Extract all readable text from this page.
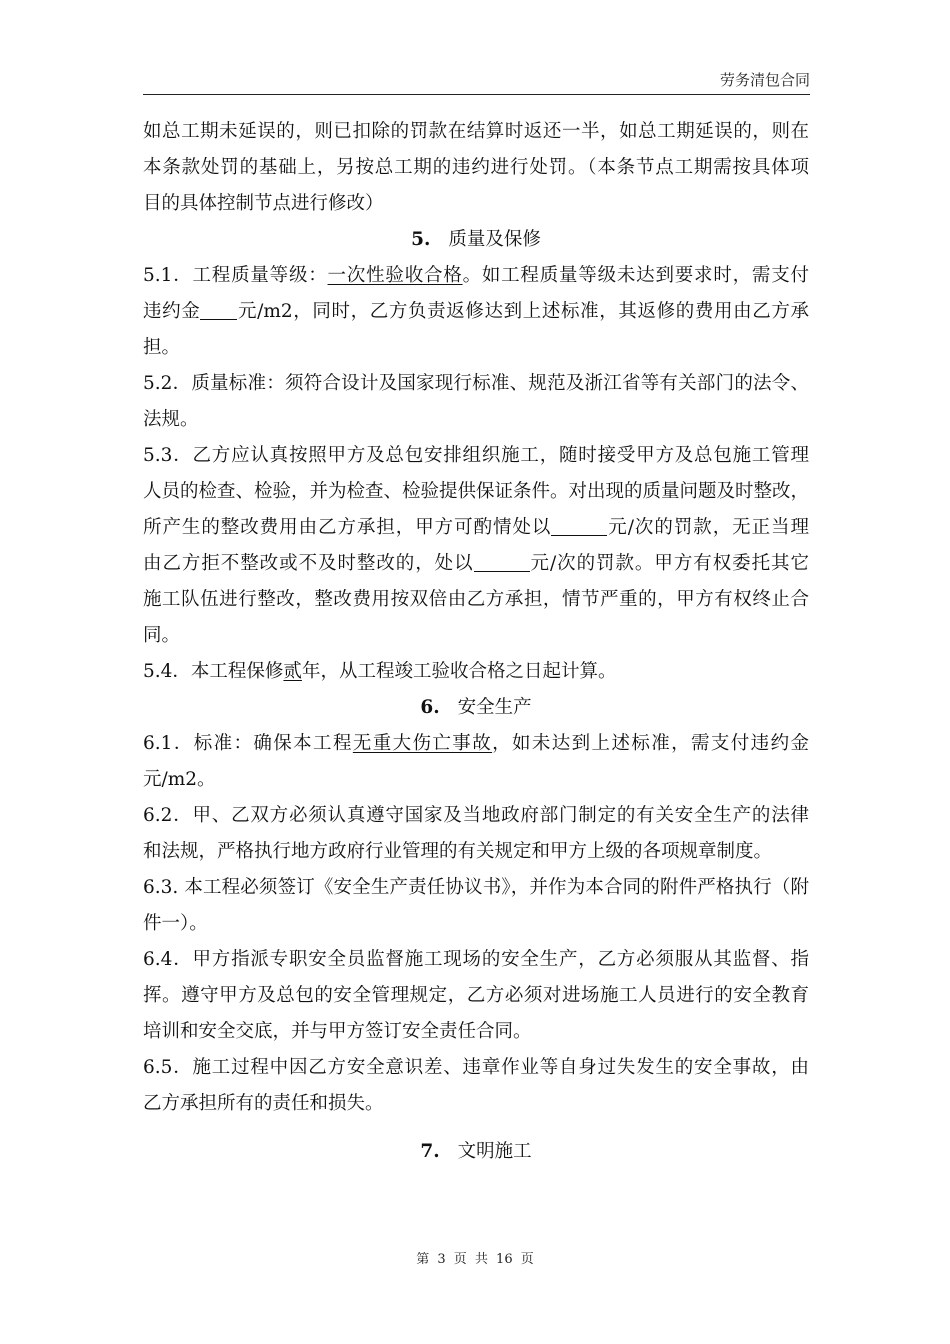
劳务清包合同
如总工期未延误的，则已扣除的罚款在结算时返还一半，如总工期延误的，则在
本条款处罚的基础上，另按总工期的违约进行处罚。（本条节点工期需按具体项
目的具体控制节点进行修改）
5. 质量及保修
5.1．工程质量等级：一次性验收合格。如工程质量等级未达到要求时，需支付
违约金 元/m2，同时，乙方负责返修达到上述标准，其返修的费用由乙方承
担。
5.2．质量标准：须符合设计及国家现行标准、规范及浙江省等有关部门的法令、
法规。
5.3．乙方应认真按照甲方及总包安排组织施工，随时接受甲方及总包施工管理
人员的检查、检验，并为检查、检验提供保证条件。对出现的质量问题及时整改，
所产生的整改费用由乙方承担，甲方可酌情处以	元/次的罚款，无正当理
由乙方拒不整改或不及时整改的，处以	元/次的罚款。甲方有权委托其它
施工队伍进行整改，整改费用按双倍由乙方承担，情节严重的，甲方有权终止合
同。
5.4．本工程保修贰年，从工程竣工验收合格之日起计算。
6. 安全生产
6.1．标准：确保本工程无重大伤亡事故，如未达到上述标准，需支付违约金
元/m2。
6.2．甲、乙双方必须认真遵守国家及当地政府部门制定的有关安全生产的法律
和法规，严格执行地方政府行业管理的有关规定和甲方上级的各项规章制度。
6.3. 本工程必须签订《安全生产责任协议书》，并作为本合同的附件严格执行（附
件一）。
6.4．甲方指派专职安全员监督施工现场的安全生产，乙方必须服从其监督、指
挥。遵守甲方及总包的安全管理规定，乙方必须对进场施工人员进行的安全教育
培训和安全交底，并与甲方签订安全责任合同。
6.5．施工过程中因乙方安全意识差、违章作业等自身过失发生的安全事故，由
乙方承担所有的责任和损失。
7. 文明施工
第 3 页 共 16 页
